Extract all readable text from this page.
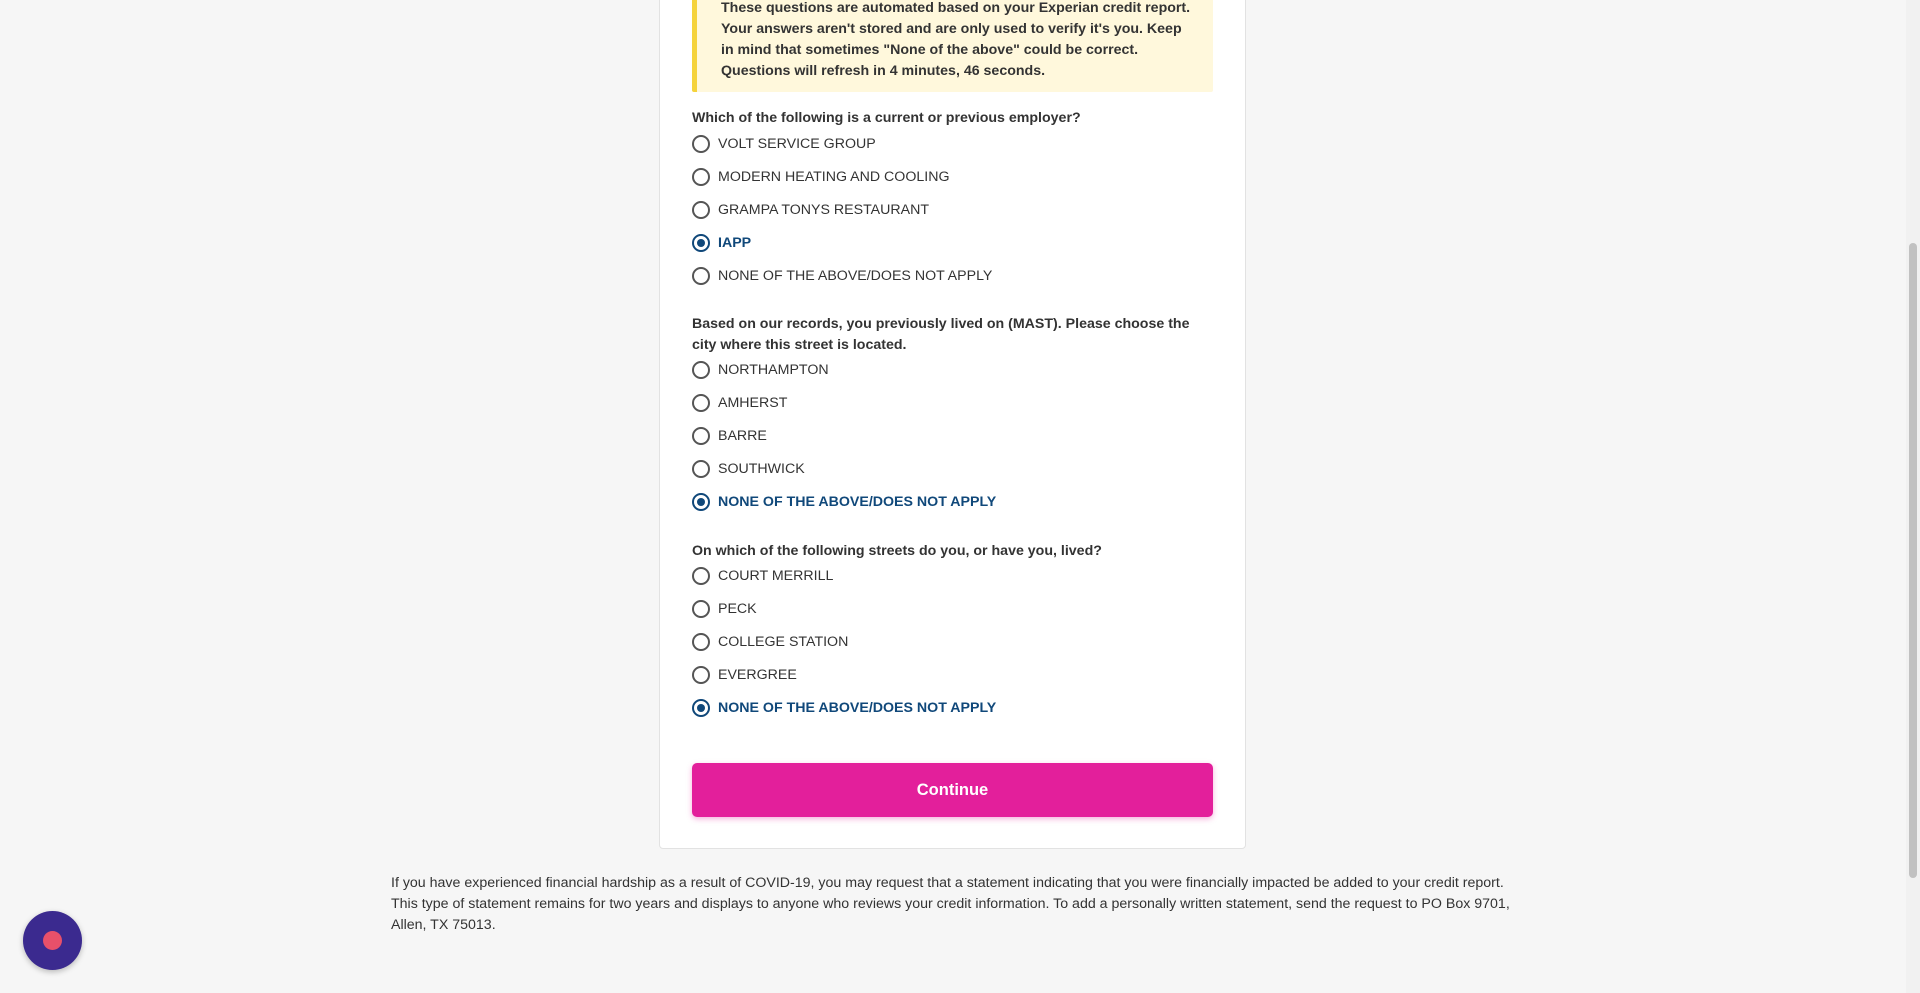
These questions are automated based on your Experian credit report. Your answers aren't stored and are only used to verify it's you. Keep in mind that sometimes "None of the above" could be correct. Questions will refresh in 4 minutes, 46 seconds.
Which of the following is a current or previous employer?
VOLT SERVICE GROUP
MODERN HEATING AND COOLING
GRAMPA TONYS RESTAURANT
IAPP
NONE OF THE ABOVE/DOES NOT APPLY
Based on our records, you previously lived on (MAST). Please choose the city where this street is located.
NORTHAMPTON
AMHERST
BARRE
SOUTHWICK
NONE OF THE ABOVE/DOES NOT APPLY
On which of the following streets do you, or have you, lived?
COURT MERRILL
PECK
COLLEGE STATION
EVERGREE
NONE OF THE ABOVE/DOES NOT APPLY
Continue
If you have experienced financial hardship as a result of COVID-19, you may request that a statement indicating that you were financially impacted be added to your credit report. This type of statement remains for two years and displays to anyone who reviews your credit information. To add a personally written statement, send the request to PO Box 9701, Allen, TX 75013.
